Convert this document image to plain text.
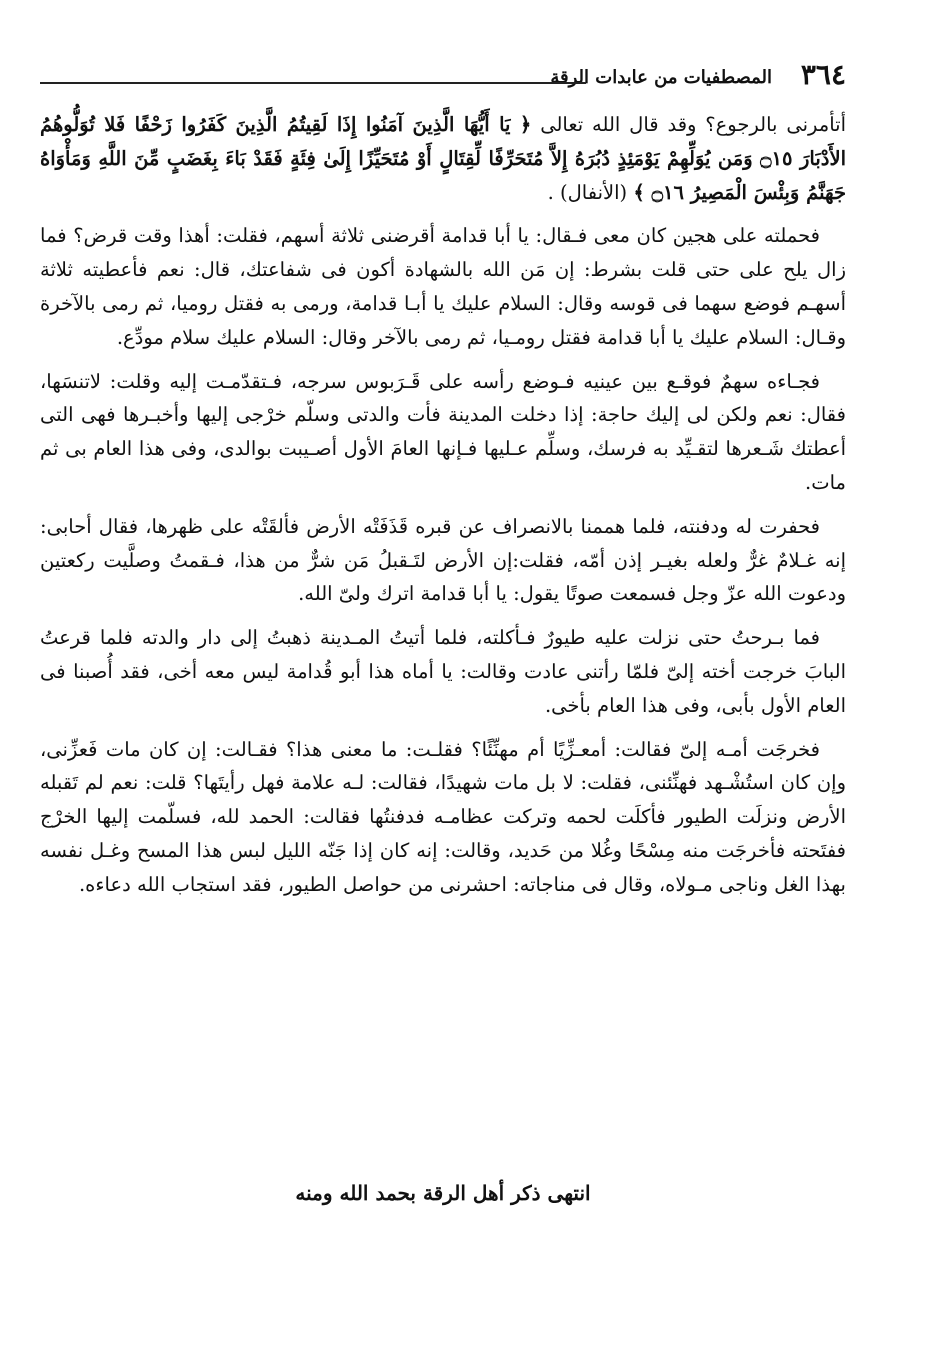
٣٦٤
المصطفيات من عابدات الرقة

أتأمرنى بالرجوع؟ وقد قال الله تعالى ﴿ يَا أَيُّهَا الَّذِينَ آمَنُوا إِذَا لَقِيتُمُ الَّذِينَ كَفَرُوا زَحْفًا فَلا تُوَلُّوهُمُ الأَدْبَارَ ۝١٥ وَمَن يُوَلِّهِمْ يَوْمَئِذٍ دُبُرَهُ إِلاَّ مُتَحَرِّفًا لِّقِتَالٍ أَوْ مُتَحَيِّزًا إِلَىٰ فِئَةٍ فَقَدْ بَاءَ بِغَضَبٍ مِّنَ اللَّهِ وَمَأْوَاهُ جَهَنَّمُ وَبِئْسَ الْمَصِيرُ ۝١٦ ﴾ (الأنفال) .

فحملته على هجين كان معى فـقال: يا أبا قدامة أقرضنى ثلاثة أسهم، فقلت: أهذا وقت قرض؟ فما زال يلح على حتى قلت بشرط: إن مَن الله بالشهادة أكون فى شفاعتك، قال: نعم فأعطيته ثلاثة أسهـم فوضع سهما فى قوسه وقال: السلام عليك يا أبـا قدامة، ورمى به فقتل روميا، ثم رمى بالآخرة وقـال: السلام عليك يا أبا قدامة فقتل رومـيا، ثم رمى بالآخر وقال: السلام عليك سلام مودِّع.

فجـاءه سهمٌ فوقـع بين عينيه فـوضع رأسه على قَـرَبوس سرجه، فـتقدّمـت إليه وقلت: لاتنسَها، فقال: نعم ولكن لى إليك حاجة: إذا دخلت المدينة فأت والدتى وسلّم خرْجى إليها وأخبـرها فهى التى أعطتك شَـعرها لتقـيِّد به فرسك، وسلِّم عـليها فـإنها العامَ الأول أصـيبت بوالدى، وفى هذا العام بى ثم مات.

فحفرت له ودفنته، فلما هممنا بالانصراف عن قبره قَذَفَتْه الأرض فألقَتْه على ظهرها، فقال أحابى: إنه غـلامٌ غرٌّ ولعله بغيـر إذن أمّه، فقلت:إن الأرض لتَـقبلُ مَن شرٌّ من هذا، فـقمتُ وصلَّيت ركعتين ودعوت الله عزّ وجل فسمعت صوتًا يقول: يا أبا قدامة اترك ولىّ الله.

فما بـرحتُ حتى نزلت عليه طيورٌ فـأكلته، فلما أتيتُ المـدينة ذهبتُ إلى دار والدته فلما قرعتُ البابَ خرجت أخته إلىّ فلمّا رأتنى عادت وقالت: يا أماه هذا أبو قُدامة ليس معه أخى، فقد أُصبنا فى العام الأول بأبى، وفى هذا العام بأخى.

فخرجَت أمـه إلىّ فقالت: أمعـزِّيًا أم مهنِّئًا؟ فقلـت: ما معنى هذا؟ فقـالت: إن كان مات فَعزِّنى، وإن كان استُشْـهد فهنِّئنى، فقلت: لا بل مات شهيدًا، فقالت: لـه علامة فهل رأيتَها؟ قلت: نعم لم تَقبله الأرض ونزلَت الطيور فأكلَت لحمه وتركت عظامـه فدفنتُها فقالت: الحمد لله، فسلّمت إليها الخرْج ففتَحته فأخرجَت منه مِسْحًا وغُلا من حَديد، وقالت: إنه كان إذا جَنّه الليل لبس هذا المسح وغـل نفسه بهذا الغل وناجى مـولاه، وقال فى مناجاته: احشرنى من حواصل الطيور، فقد استجاب الله دعاءه.

انتهى ذكر أهل الرقة بحمد الله ومنه
